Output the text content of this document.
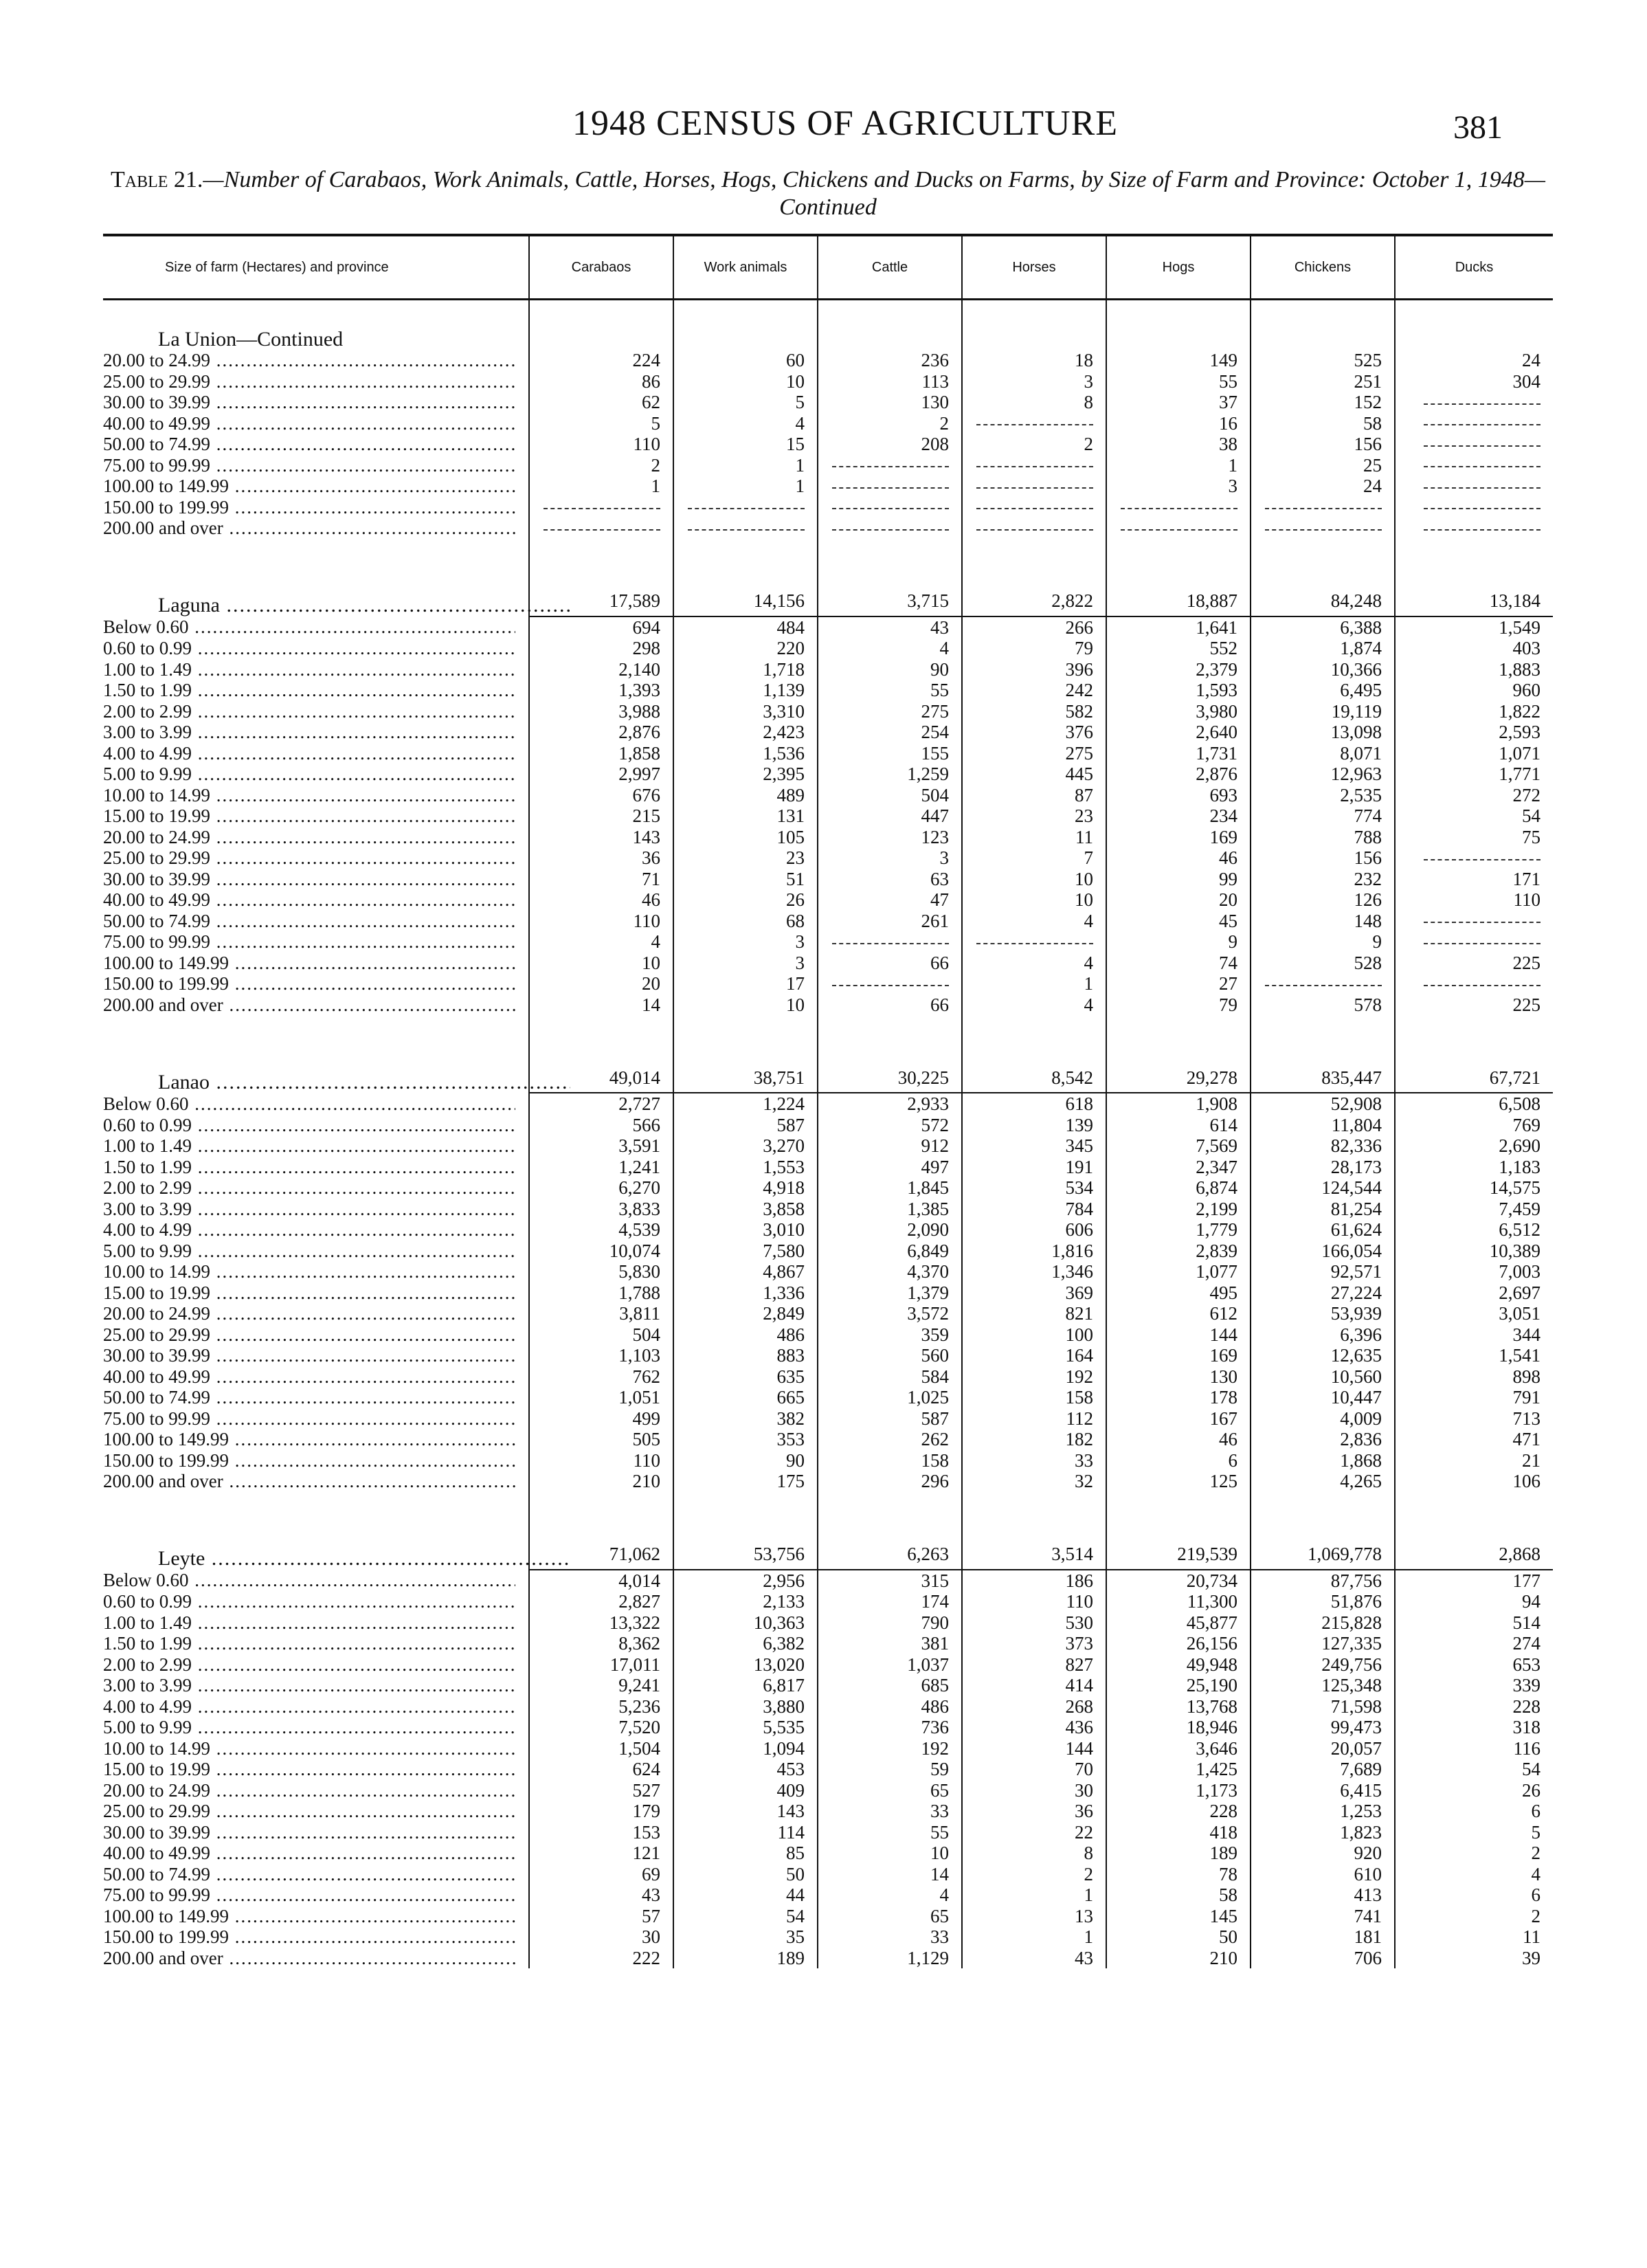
1948 CENSUS OF AGRICULTURE	381
Table 21.—Number of Carabaos, Work Animals, Cattle, Horses, Hogs, Chickens and Ducks on Farms, by Size of Farm and Province: October 1, 1948—Continued
Size of farm (Hectares) and province	Carabaos	Work animals	Cattle	Horses	Hogs	Chickens	Ducks

La Union—Continued							

20.00 to 24.99 .....	224	60	236	18	149	525	24

25.00 to 29.99 .....	86	10	113	3	55	251	304

30.00 to 39.99 .....	62	5	130	8	37	152	

40.00 to 49.99 .....	5	4	2		16	58	

50.00 to 74.99 .....	110	15	208	2	38	156	

75.00 to 99.99 .....	2	1			1	25	

100.00 to 149.99 .....	1	1			3	24	

150.00 to 199.99 .....

200.00 and over .....

Laguna .....	17,589	14,156	3,715	2,822	18,887	84,248	13,184

Below 0.60 .....	694	484	43	266	1,641	6,388	1,549

0.60 to 0.99 .....	298	220	4	79	552	1,874	403

1.00 to 1.49 .....	2,140	1,718	90	396	2,379	10,366	1,883

1.50 to 1.99 .....	1,393	1,139	55	242	1,593	6,495	960

2.00 to 2.99 .....	3,988	3,310	275	582	3,980	19,119	1,822

3.00 to 3.99 .....	2,876	2,423	254	376	2,640	13,098	2,593

4.00 to 4.99 .....	1,858	1,536	155	275	1,731	8,071	1,071

5.00 to 9.99 .....	2,997	2,395	1,259	445	2,876	12,963	1,771

10.00 to 14.99 .....	676	489	504	87	693	2,535	272

15.00 to 19.99 .....	215	131	447	23	234	774	54

20.00 to 24.99 .....	143	105	123	11	169	788	75

25.00 to 29.99 .....	36	23	3	7	46	156	

30.00 to 39.99 .....	71	51	63	10	99	232	171

40.00 to 49.99 .....	46	26	47	10	20	126	110

50.00 to 74.99 .....	110	68	261	4	45	148	

75.00 to 99.99 .....	4	3			9	9	

100.00 to 149.99 .....	10	3	66	4	74	528	225

150.00 to 199.99 .....	20	17		1	27		

200.00 and over .....	14	10	66	4	79	578	225

Lanao .....	49,014	38,751	30,225	8,542	29,278	835,447	67,721

Below 0.60 .....	2,727	1,224	2,933	618	1,908	52,908	6,508

0.60 to 0.99 .....	566	587	572	139	614	11,804	769

1.00 to 1.49 .....	3,591	3,270	912	345	7,569	82,336	2,690

1.50 to 1.99 .....	1,241	1,553	497	191	2,347	28,173	1,183

2.00 to 2.99 .....	6,270	4,918	1,845	534	6,874	124,544	14,575

3.00 to 3.99 .....	3,833	3,858	1,385	784	2,199	81,254	7,459

4.00 to 4.99 .....	4,539	3,010	2,090	606	1,779	61,624	6,512

5.00 to 9.99 .....	10,074	7,580	6,849	1,816	2,839	166,054	10,389

10.00 to 14.99 .....	5,830	4,867	4,370	1,346	1,077	92,571	7,003

15.00 to 19.99 .....	1,788	1,336	1,379	369	495	27,224	2,697

20.00 to 24.99 .....	3,811	2,849	3,572	821	612	53,939	3,051

25.00 to 29.99 .....	504	486	359	100	144	6,396	344

30.00 to 39.99 .....	1,103	883	560	164	169	12,635	1,541

40.00 to 49.99 .....	762	635	584	192	130	10,560	898

50.00 to 74.99 .....	1,051	665	1,025	158	178	10,447	791

75.00 to 99.99 .....	499	382	587	112	167	4,009	713

100.00 to 149.99 .....	505	353	262	182	46	2,836	471

150.00 to 199.99 .....	110	90	158	33	6	1,868	21

200.00 and over .....	210	175	296	32	125	4,265	106

Leyte .....	71,062	53,756	6,263	3,514	219,539	1,069,778	2,868

Below 0.60 .....	4,014	2,956	315	186	20,734	87,756	177

0.60 to 0.99 .....	2,827	2,133	174	110	11,300	51,876	94

1.00 to 1.49 .....	13,322	10,363	790	530	45,877	215,828	514

1.50 to 1.99 .....	8,362	6,382	381	373	26,156	127,335	274

2.00 to 2.99 .....	17,011	13,020	1,037	827	49,948	249,756	653

3.00 to 3.99 .....	9,241	6,817	685	414	25,190	125,348	339

4.00 to 4.99 .....	5,236	3,880	486	268	13,768	71,598	228

5.00 to 9.99 .....	7,520	5,535	736	436	18,946	99,473	318

10.00 to 14.99 .....	1,504	1,094	192	144	3,646	20,057	116

15.00 to 19.99 .....	624	453	59	70	1,425	7,689	54

20.00 to 24.99 .....	527	409	65	30	1,173	6,415	26

25.00 to 29.99 .....	179	143	33	36	228	1,253	6

30.00 to 39.99 .....	153	114	55	22	418	1,823	5

40.00 to 49.99 .....	121	85	10	8	189	920	2

50.00 to 74.99 .....	69	50	14	2	78	610	4

75.00 to 99.99 .....	43	44	4	1	58	413	6

100.00 to 149.99 .....	57	54	65	13	145	741	2

150.00 to 199.99 .....	30	35	33	1	50	181	11

200.00 and over .....	222	189	1,129	43	210	706	39
